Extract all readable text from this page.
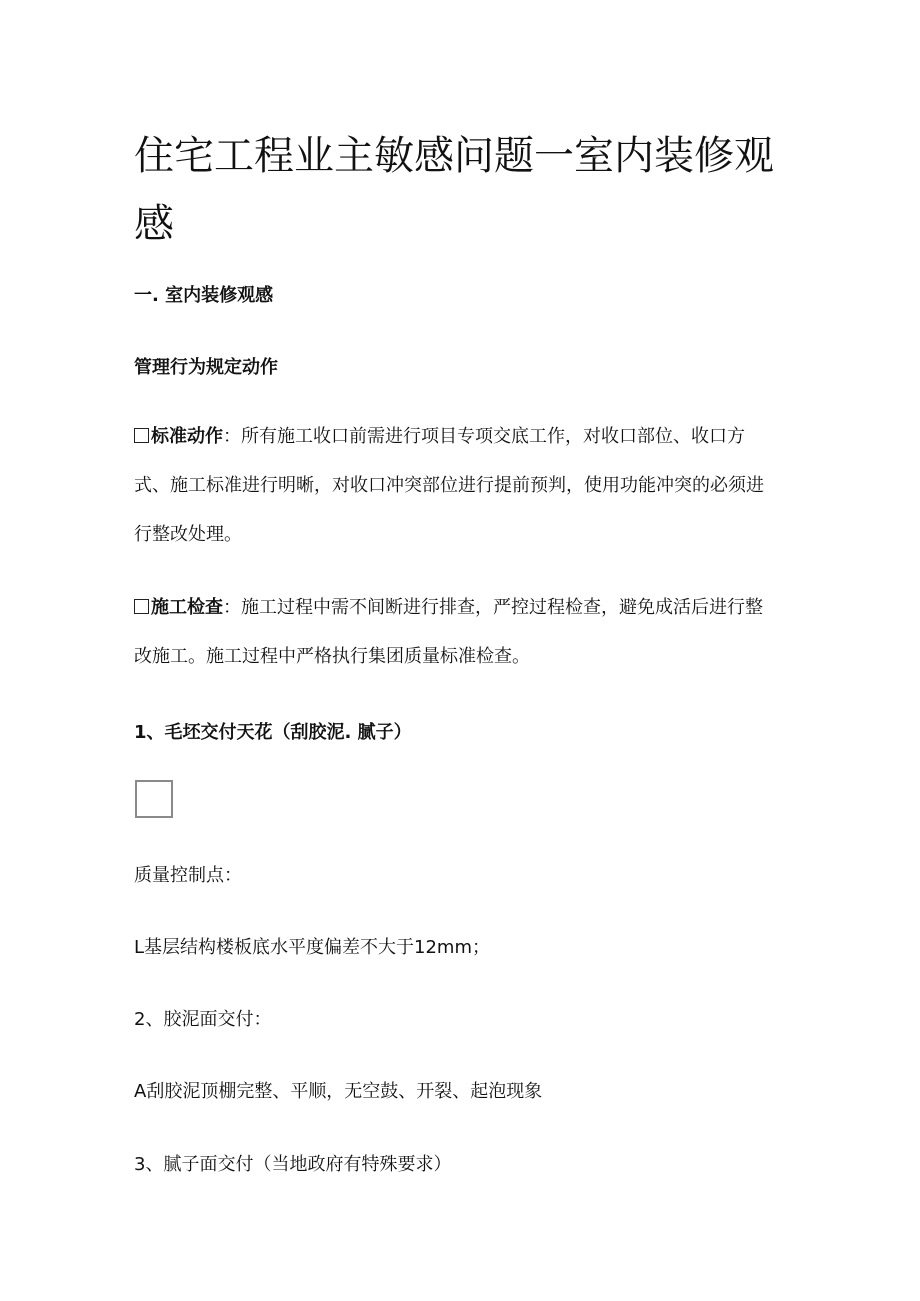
住宅工程业主敏感问题一室内装修观感

一. 室内装修观感

管理行为规定动作

标准动作：所有施工收口前需进行项目专项交底工作，对收口部位、收口方式、施工标准进行明晰，对收口冲突部位进行提前预判，使用功能冲突的必须进行整改处理。

施工检查：施工过程中需不间断进行排查，严控过程检查，避免成活后进行整改施工。施工过程中严格执行集团质量标准检查。

1、毛坯交付天花（刮胶泥. 腻子）

质量控制点：

L基层结构楼板底水平度偏差不大于12mm；

2、胶泥面交付：

A刮胶泥顶棚完整、平顺，无空鼓、开裂、起泡现象

3、腻子面交付（当地政府有特殊要求）
